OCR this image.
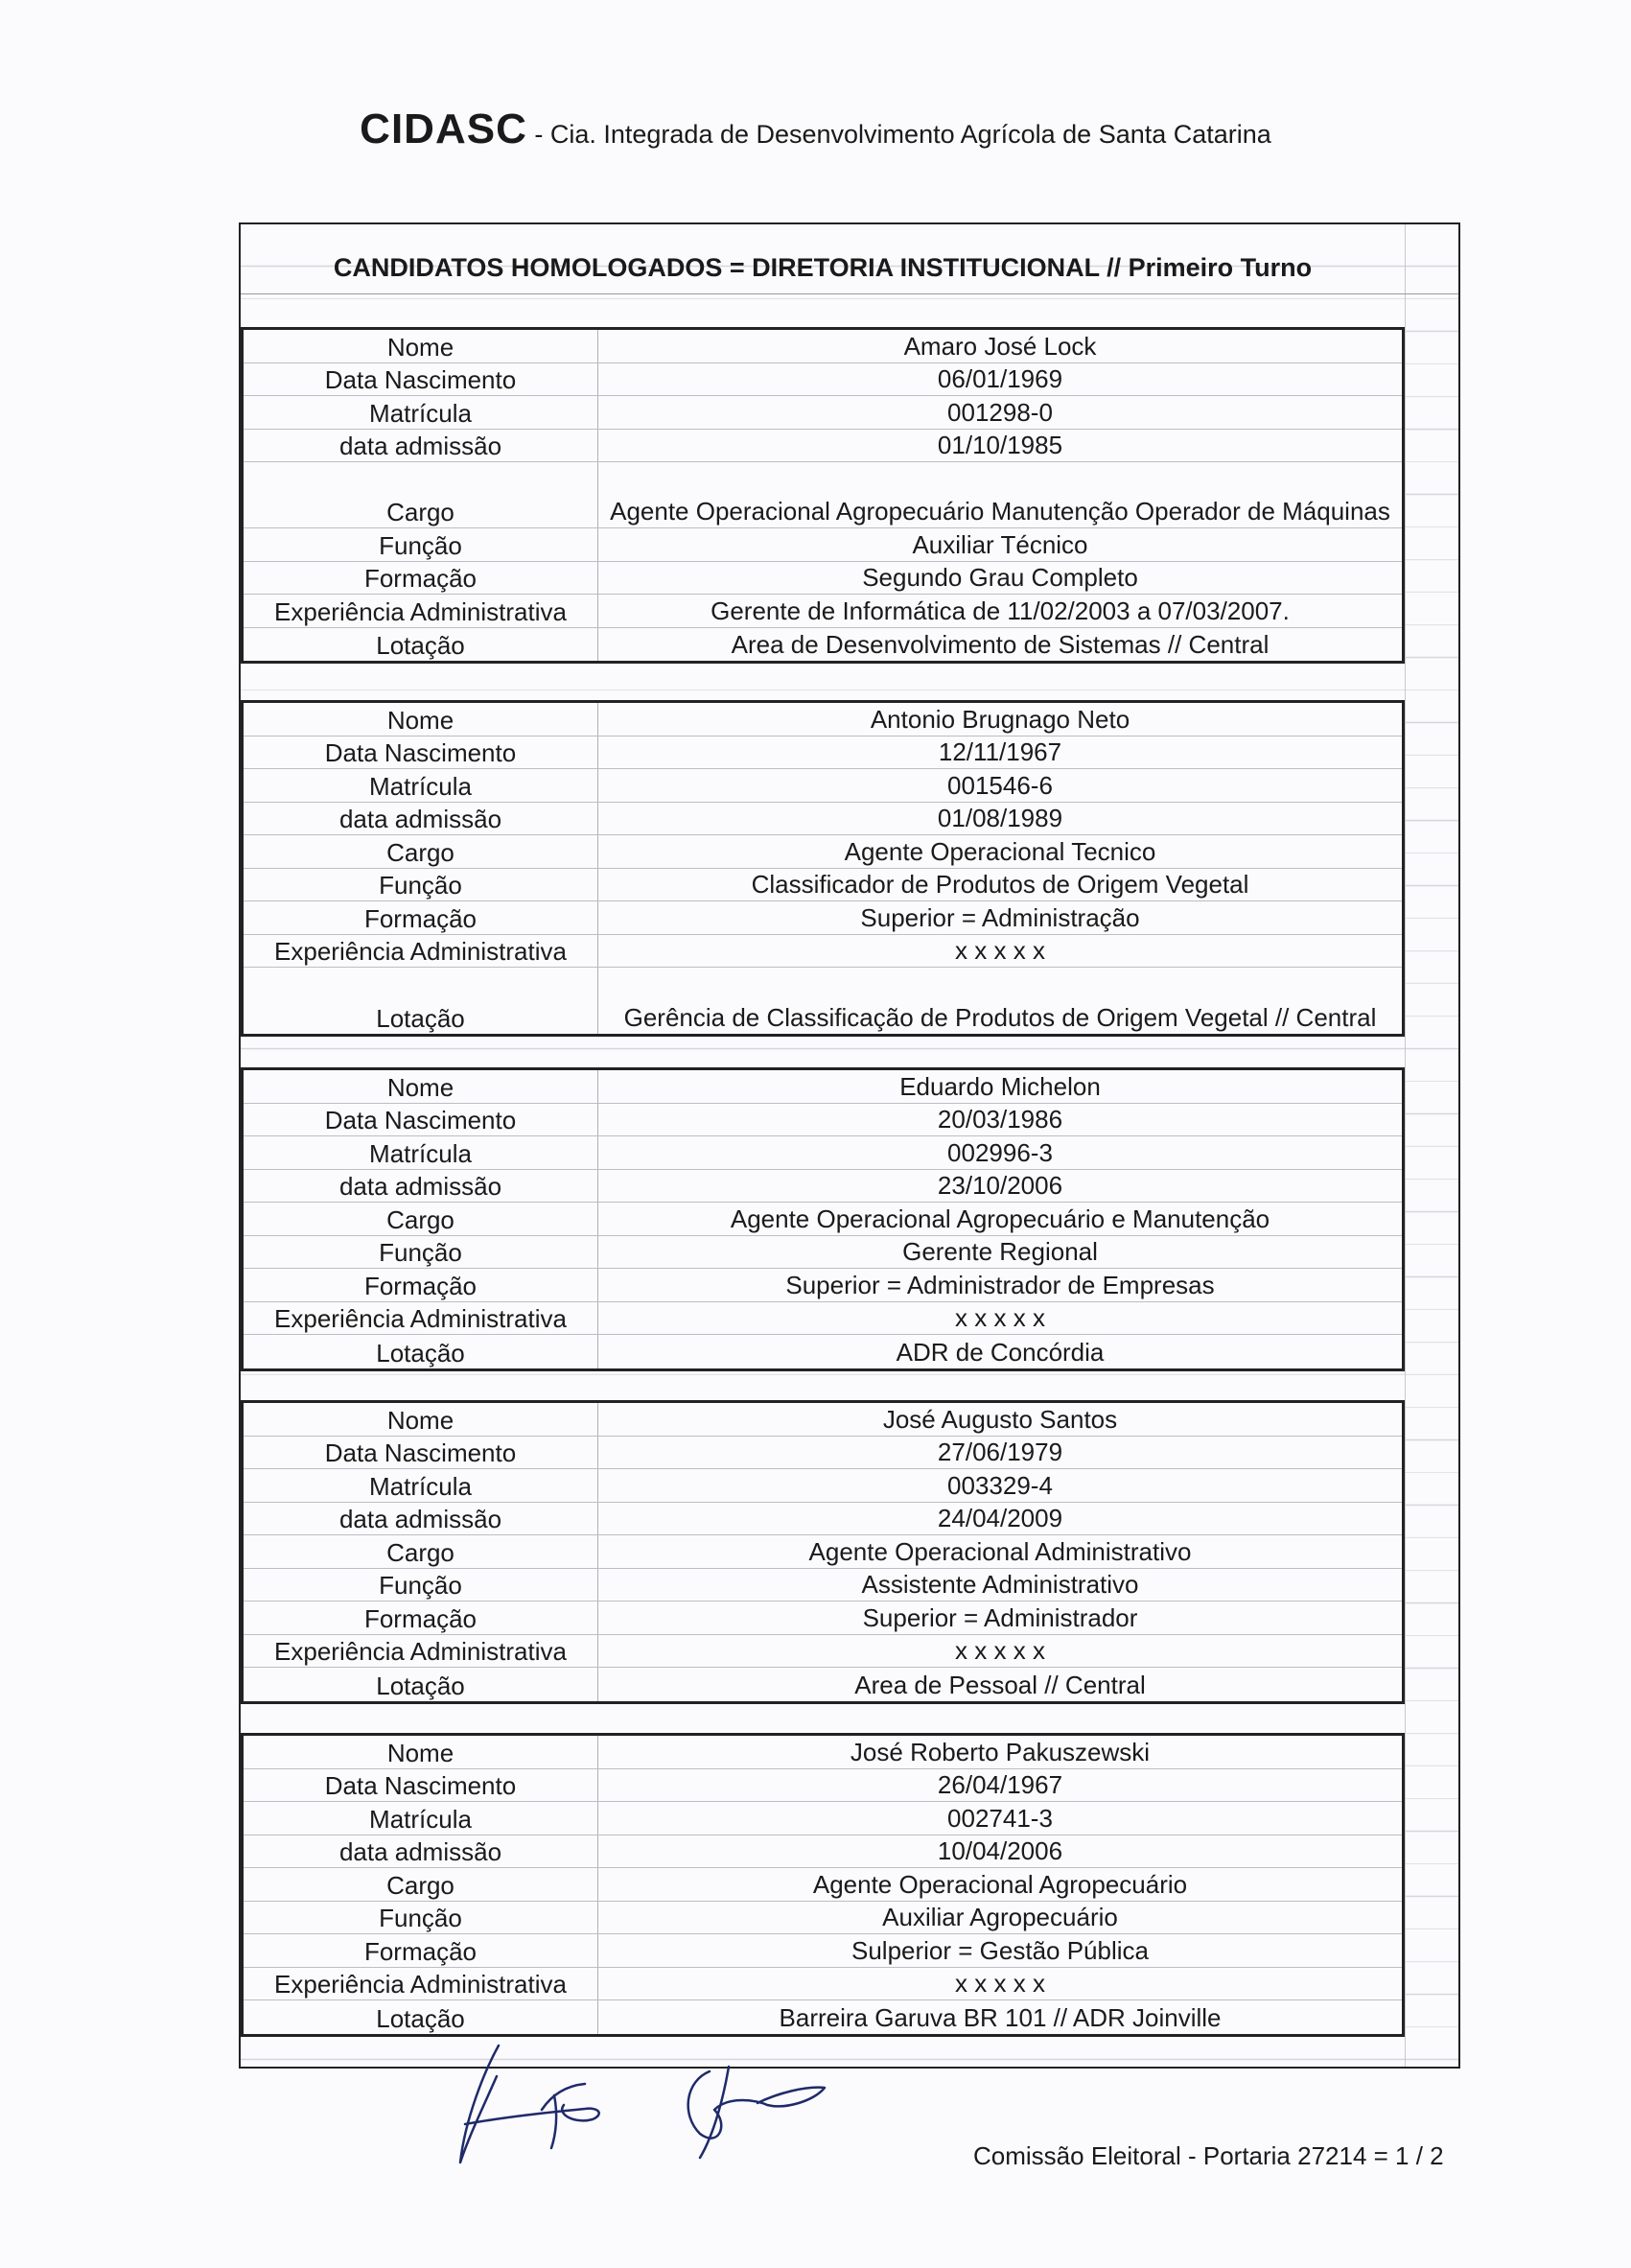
CIDASC - Cia. Integrada de Desenvolvimento Agrícola de Santa Catarina
CANDIDATOS HOMOLOGADOS = DIRETORIA INSTITUCIONAL // Primeiro Turno
Nome	Amaro José Lock
Data Nascimento	06/01/1969
Matrícula	001298-0
data admissão	01/10/1985
Cargo	Agente Operacional Agropecuário Manutenção Operador de Máquinas
Função	Auxiliar Técnico
Formação	Segundo Grau Completo
Experiência Administrativa	Gerente de Informática de 11/02/2003 a 07/03/2007.
Lotação	Area de Desenvolvimento de Sistemas // Central
Nome	Antonio Brugnago Neto
Data Nascimento	12/11/1967
Matrícula	001546-6
data admissão	01/08/1989
Cargo	Agente Operacional Tecnico
Função	Classificador de Produtos de Origem Vegetal
Formação	Superior = Administração
Experiência Administrativa	x x x x x
Lotação	Gerência de Classificação de Produtos de Origem Vegetal // Central
Nome	Eduardo Michelon
Data Nascimento	20/03/1986
Matrícula	002996-3
data admissão	23/10/2006
Cargo	Agente Operacional Agropecuário e Manutenção
Função	Gerente Regional
Formação	Superior = Administrador de Empresas
Experiência Administrativa	x x x x x
Lotação	ADR de Concórdia
Nome	José Augusto Santos
Data Nascimento	27/06/1979
Matrícula	003329-4
data admissão	24/04/2009
Cargo	Agente Operacional Administrativo
Função	Assistente Administrativo
Formação	Superior = Administrador
Experiência Administrativa	x x x x x
Lotação	Area de Pessoal // Central
Nome	José Roberto Pakuszewski
Data Nascimento	26/04/1967
Matrícula	002741-3
data admissão	10/04/2006
Cargo	Agente Operacional Agropecuário
Função	Auxiliar Agropecuário
Formação	Sulperior = Gestão Pública
Experiência Administrativa	x x x x x
Lotação	Barreira Garuva BR 101 // ADR Joinville
Comissão Eleitoral - Portaria 27214 = 1 / 2
